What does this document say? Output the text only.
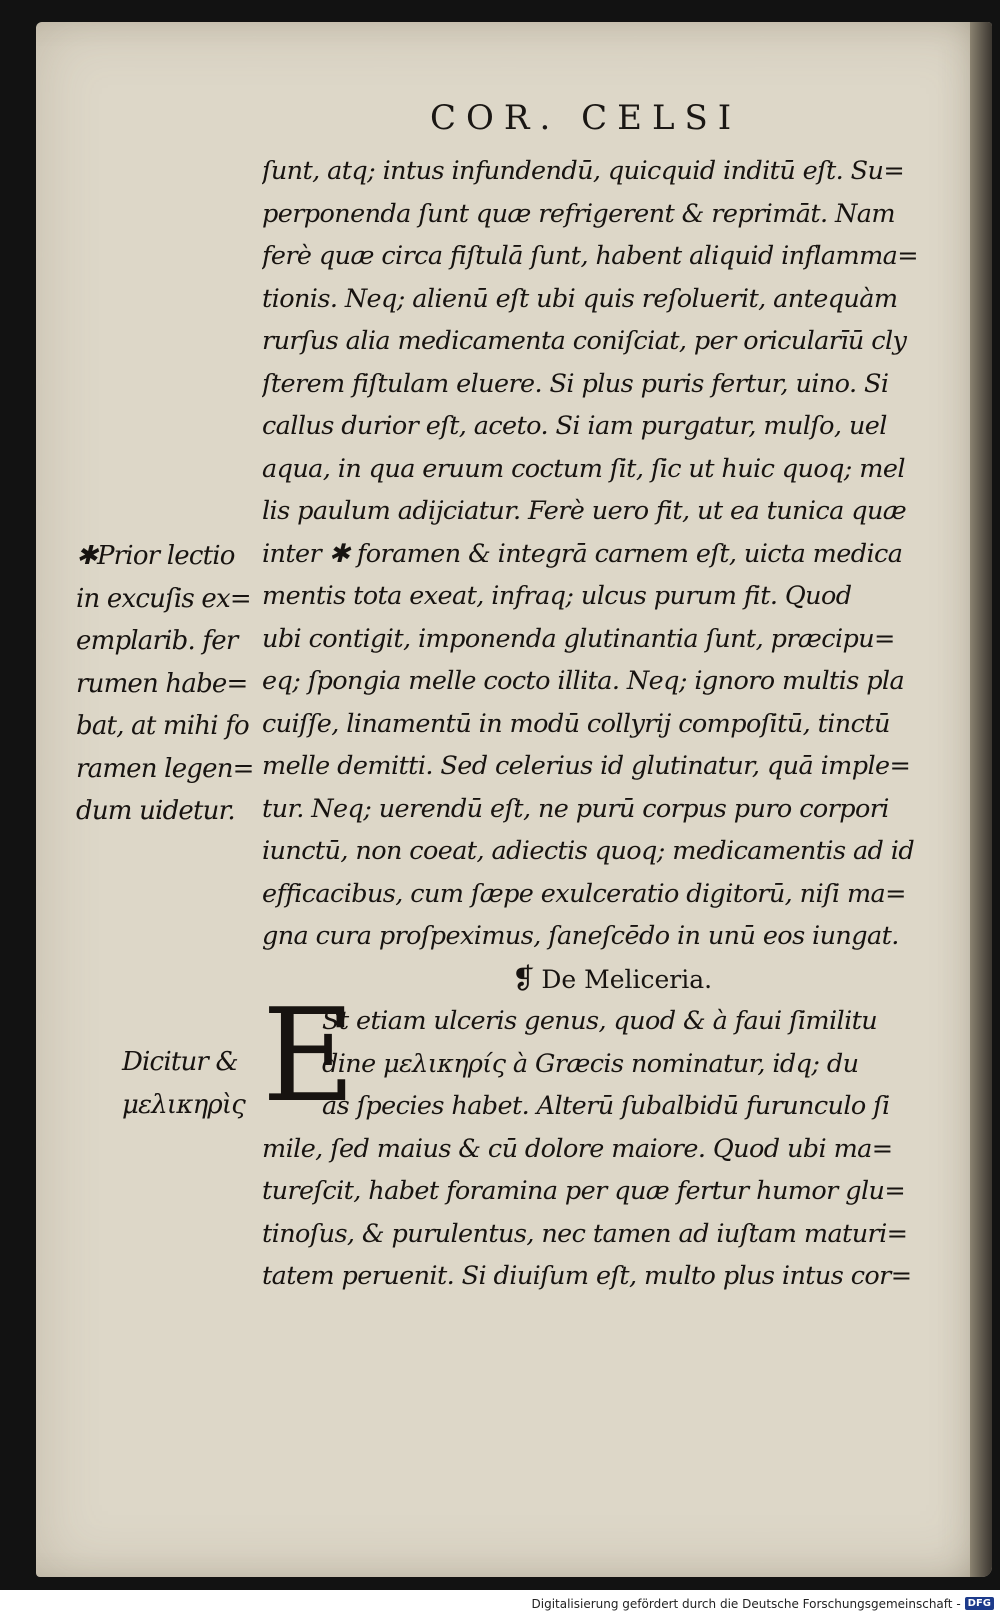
COR. CELSI
ſunt, atq; intus infundendū, quicquid inditū eſt. Su=
perponenda ſunt quæ refrigerent & reprimāt. Nam
ferè quæ circa fiſtulā ſunt, habent aliquid inflamma=
tionis. Neq; alienū eſt ubi quis reſoluerit, antequàm
rurſus alia medicamenta coniſciat, per oricularīū cly
ſterem fiſtulam eluere. Si plus puris fertur, uino. Si
callus durior eſt, aceto. Si iam purgatur, mulſo, uel
aqua, in qua eruum coctum ſit, ſic ut huic quoq; mel
lis paulum adijciatur. Ferè uero fit, ut ea tunica quæ
inter ✱ foramen & integrā carnem eſt, uicta medica
mentis tota exeat, infraq; ulcus purum fit. Quod
ubi contigit, imponenda glutinantia ſunt, præcipu=
eq; ſpongia melle cocto illita. Neq; ignoro multis pla
cuiſſe, linamentū in modū collyrij compoſitū, tinctū
melle demitti. Sed celerius id glutinatur, quā imple=
tur. Neq; uerendū eſt, ne purū corpus puro corpori
iunctū, non coeat, adiectis quoq; medicamentis ad id
efficacibus, cum ſæpe exulceratio digitorū, niſi ma=
gna cura proſpeximus, ſaneſcēdo in unū eos iungat.
❡ De Meliceria.
St etiam ulceris genus, quod & à faui ſimilitu
dine μελικηρίς à Græcis nominatur, idq; du
as ſpecies habet. Alterū ſubalbidū furunculo ſi
mile, ſed maius & cū dolore maiore. Quod ubi ma=
tureſcit, habet foramina per quæ fertur humor glu=
tinoſus, & purulentus, nec tamen ad iuſtam maturi=
tatem peruenit. Si diuiſum eſt, multo plus intus cor=
E
✱Prior lectio
in excuſis ex=
emplarib. fer
rumen habe=
bat, at mihi fo
ramen legen=
dum uidetur.
Dicitur &
μελικηρὶς
Digitalisierung gefördert durch die Deutsche Forschungsgemeinschaft - DFG
